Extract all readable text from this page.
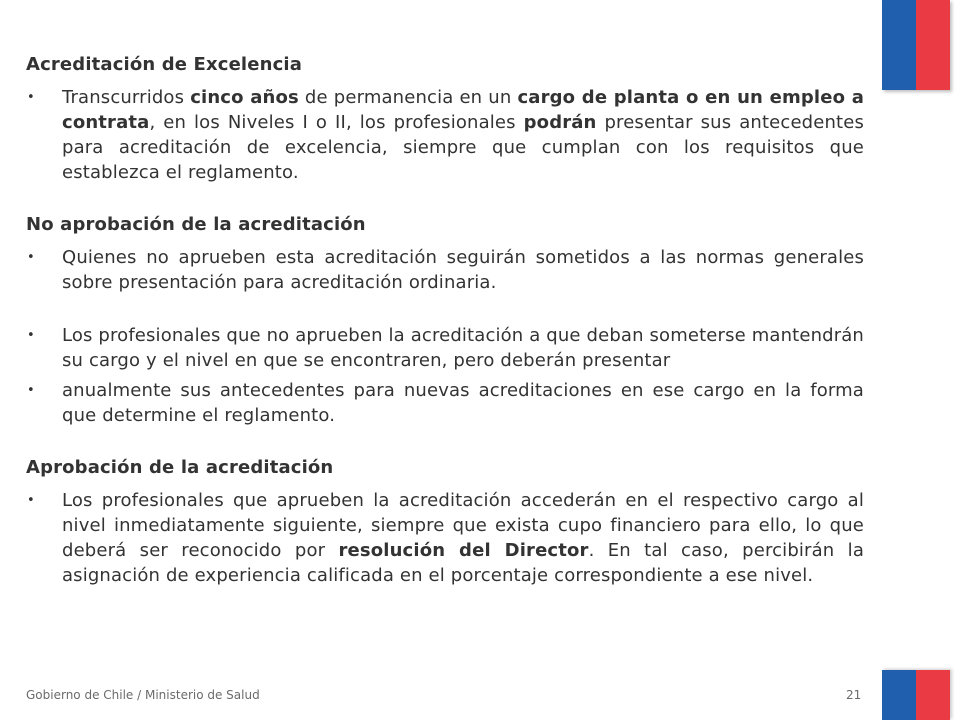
Acreditación de Excelencia

• Transcurridos cinco años de permanencia en un cargo de planta o en un empleo a contrata, en los Niveles I o II, los profesionales podrán presentar sus antecedentes para acreditación de excelencia, siempre que cumplan con los requisitos que establezca el reglamento.

No aprobación de la acreditación

• Quienes no aprueben esta acreditación seguirán sometidos a las normas generales sobre presentación para acreditación ordinaria.

• Los profesionales que no aprueben la acreditación a que deban someterse mantendrán su cargo y el nivel en que se encontraren, pero deberán presentar

• anualmente sus antecedentes para nuevas acreditaciones en ese cargo en la forma que determine el reglamento.

Aprobación de la acreditación

• Los profesionales que aprueben la acreditación accederán en el respectivo cargo al nivel inmediatamente siguiente, siempre que exista cupo financiero para ello, lo que deberá ser reconocido por resolución del Director. En tal caso, percibirán la asignación de experiencia calificada en el porcentaje correspondiente a ese nivel.

Gobierno de Chile / Ministerio de Salud	21
